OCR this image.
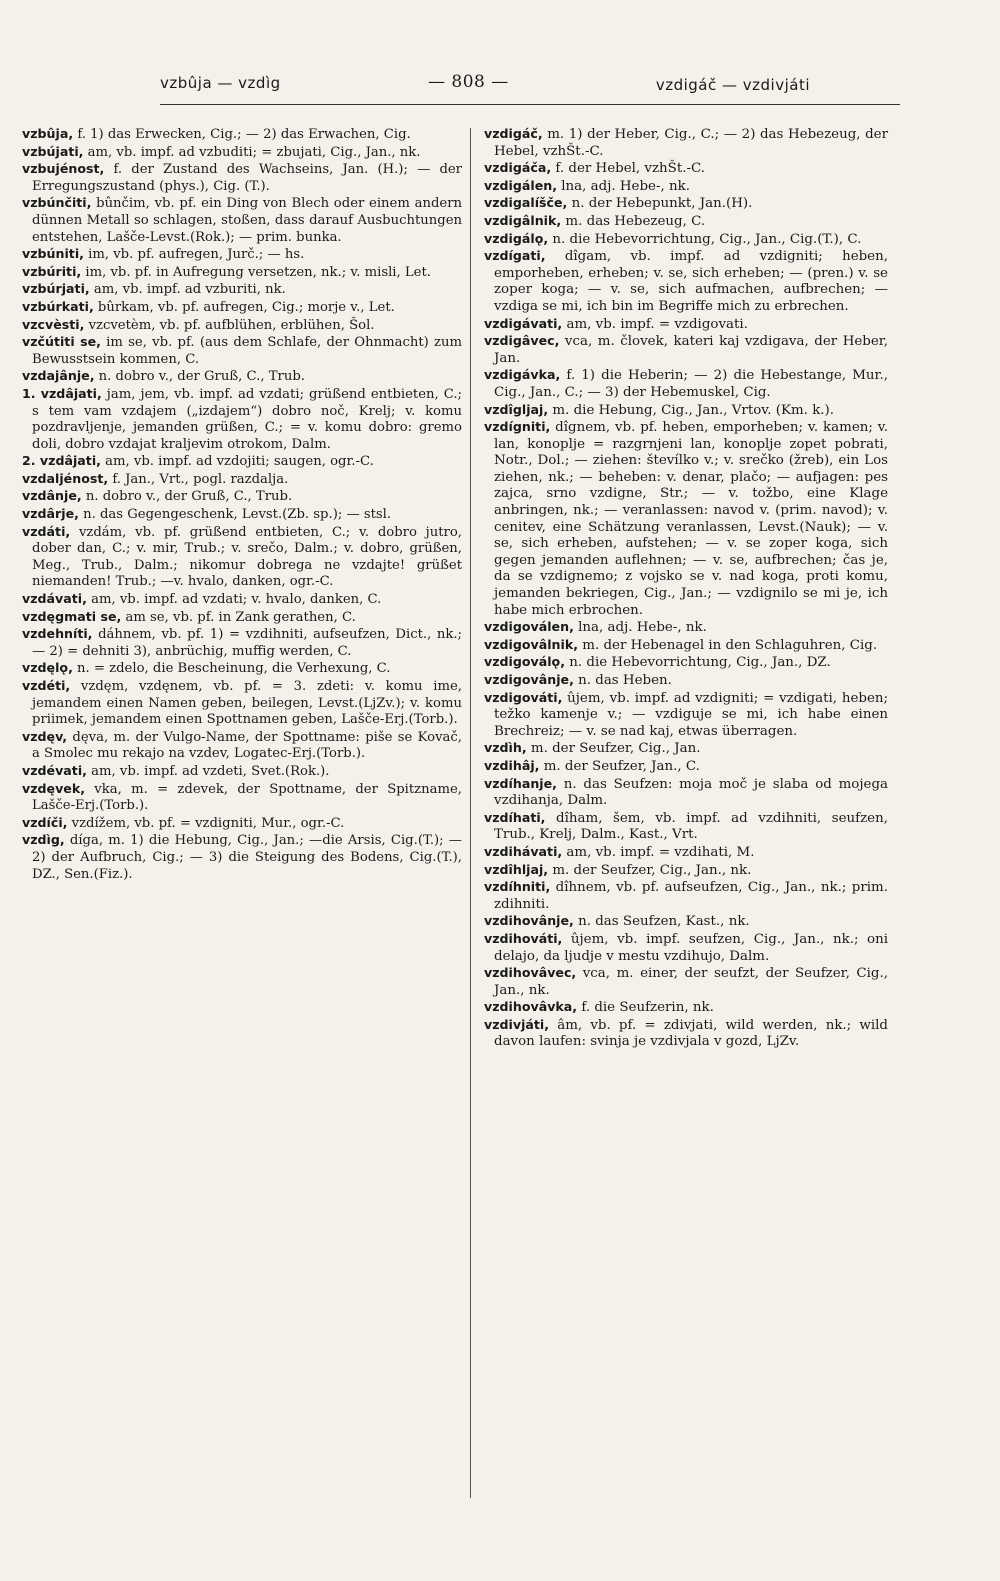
vzbûja — vzdìg	— 808 —	vzdigáč — vzdivjáti

vzbûja, f. 1) das Erwecken, Cig.; — 2) das Erwachen, Cig.

vzbújati, am, vb. impf. ad vzbuditi; = zbujati, Cig., Jan., nk.

vzbujénost, f. der Zustand des Wachseins, Jan. (H.); — der Erregungszustand (phys.), Cig. (T.).

vzbúnčiti, bûnčim, vb. pf. ein Ding von Blech oder einem andern dünnen Metall so schlagen, stoßen, dass darauf Ausbuchtungen entstehen, Lašče-Levst.(Rok.); — prim. bunka.

vzbúniti, im, vb. pf. aufregen, Jurč.; — hs.

vzbúriti, im, vb. pf. in Aufregung versetzen, nk.; v. misli, Let.

vzbúrjati, am, vb. impf. ad vzburiti, nk.

vzbúrkati, bûrkam, vb. pf. aufregen, Cig.; morje v., Let.

vzcvèsti, vzcvetèm, vb. pf. aufblühen, erblühen, Šol.

vzčútiti se, im se, vb. pf. (aus dem Schlafe, der Ohnmacht) zum Bewusstsein kommen, C.

vzdajânje, n. dobro v., der Gruß, C., Trub.

1. vzdâjati, jam, jem, vb. impf. ad vzdati; grüßend entbieten, C.; s tem vam vzdajem („izdajem“) dobro noč, Krelj; v. komu pozdravljenje, jemanden grüßen, C.; = v. komu dobro: gremo doli, dobro vzdajat kraljevim otrokom, Dalm.

2. vzdâjati, am, vb. impf. ad vzdojiti; saugen, ogr.-C.

vzdaljénost, f. Jan., Vrt., pogl. razdalja.

vzdânje, n. dobro v., der Gruß, C., Trub.

vzdârje, n. das Gegengeschenk, Levst.(Zb. sp.); — stsl.

vzdáti, vzdám, vb. pf. grüßend entbieten, C.; v. dobro jutro, dober dan, C.; v. mir, Trub.; v. srečo, Dalm.; v. dobro, grüßen, Meg., Trub., Dalm.; nikomur dobrega ne vzdajte! grüßet niemanden! Trub.; —v. hvalo, danken, ogr.-C.

vzdávati, am, vb. impf. ad vzdati; v. hvalo, danken, C.

vzdęgmati se, am se, vb. pf. in Zank gerathen, C.

vzdehníti, dáhnem, vb. pf. 1) = vzdihniti, aufseufzen, Dict., nk.; — 2) = dehniti 3), anbrüchig, muffig werden, C.

vzdęlǫ, n. = zdelo, die Bescheinung, die Verhexung, C.

vzdéti, vzdęm, vzdęnem, vb. pf. = 3. zdeti: v. komu ime, jemandem einen Namen geben, beilegen, Levst.(LjZv.); v. komu priimek, jemandem einen Spottnamen geben, Lašče-Erj.(Torb.).

vzdęv, dęva, m. der Vulgo-Name, der Spottname: piše se Kovač, a Smolec mu rekajo na vzdev, Logatec-Erj.(Torb.).

vzdévati, am, vb. impf. ad vzdeti, Svet.(Rok.).

vzdęvek, vka, m. = zdevek, der Spottname, der Spitzname, Lašče-Erj.(Torb.).

vzdíči, vzdížem, vb. pf. = vzdigniti, Mur., ogr.-C.

vzdìg, díga, m. 1) die Hebung, Cig., Jan.; —die Arsis, Cig.(T.); — 2) der Aufbruch, Cig.; — 3) die Steigung des Bodens, Cig.(T.), DZ., Sen.(Fiz.).

vzdigáč, m. 1) der Heber, Cig., C.; — 2) das Hebezeug, der Hebel, vzhŠt.-C.

vzdigáča, f. der Hebel, vzhŠt.-C.

vzdigálen, lna, adj. Hebe-, nk.

vzdigalíšče, n. der Hebepunkt, Jan.(H).

vzdigâlnik, m. das Hebezeug, C.

vzdigálǫ, n. die Hebevorrichtung, Cig., Jan., Cig.(T.), C.

vzdígati, dîgam, vb. impf. ad vzdigniti; heben, emporheben, erheben; v. se, sich erheben; — (pren.) v. se zoper koga; — v. se, sich aufmachen, aufbrechen; — vzdiga se mi, ich bin im Begriffe mich zu erbrechen.

vzdigávati, am, vb. impf. = vzdigovati.

vzdigâvec, vca, m. človek, kateri kaj vzdigava, der Heber, Jan.

vzdigávka, f. 1) die Heberin; — 2) die Hebestange, Mur., Cig., Jan., C.; — 3) der Hebemuskel, Cig.

vzdîgljaj, m. die Hebung, Cig., Jan., Vrtov. (Km. k.).

vzdígniti, dîgnem, vb. pf. heben, emporheben; v. kamen; v. lan, konoplje = razgrnjeni lan, konoplje zopet pobrati, Notr., Dol.; — ziehen: števílko v.; v. srečko (žreb), ein Los ziehen, nk.; — beheben: v. denar, plačo; — aufjagen: pes zajca, srno vzdigne, Str.; — v. tožbo, eine Klage anbringen, nk.; — veranlassen: navod v. (prim. navod); v. cenitev, eine Schätzung veranlassen, Levst.(Nauk); — v. se, sich erheben, aufstehen; — v. se zoper koga, sich gegen jemanden auflehnen; — v. se, aufbrechen; čas je, da se vzdignemo; z vojsko se v. nad koga, proti komu, jemanden bekriegen, Cig., Jan.; — vzdignilo se mi je, ich habe mich erbrochen.

vzdigoválen, lna, adj. Hebe-, nk.

vzdigovâlnik, m. der Hebenagel in den Schlaguhren, Cig.

vzdigoválǫ, n. die Hebevorrichtung, Cig., Jan., DZ.

vzdigovânje, n. das Heben.

vzdigováti, ûjem, vb. impf. ad vzdigniti; = vzdigati, heben; težko kamenje v.; — vzdiguje se mi, ich habe einen Brechreiz; — v. se nad kaj, etwas überragen.

vzdìh, m. der Seufzer, Cig., Jan.

vzdihâj, m. der Seufzer, Jan., C.

vzdíhanje, n. das Seufzen: moja moč je slaba od mojega vzdihanja, Dalm.

vzdíhati, dîham, šem, vb. impf. ad vzdihniti, seufzen, Trub., Krelj, Dalm., Kast., Vrt.

vzdihávati, am, vb. impf. = vzdihati, M.

vzdîhljaj, m. der Seufzer, Cig., Jan., nk.

vzdíhniti, dîhnem, vb. pf. aufseufzen, Cig., Jan., nk.; prim. zdihniti.

vzdihovânje, n. das Seufzen, Kast., nk.

vzdihováti, ûjem, vb. impf. seufzen, Cig., Jan., nk.; oni delajo, da ljudje v mestu vzdihujo, Dalm.

vzdihovâvec, vca, m. einer, der seufzt, der Seufzer, Cig., Jan., nk.

vzdihovâvka, f. die Seufzerin, nk.

vzdivjáti, âm, vb. pf. = zdivjati, wild werden, nk.; wild davon laufen: svinja je vzdivjala v gozd, LjZv.
